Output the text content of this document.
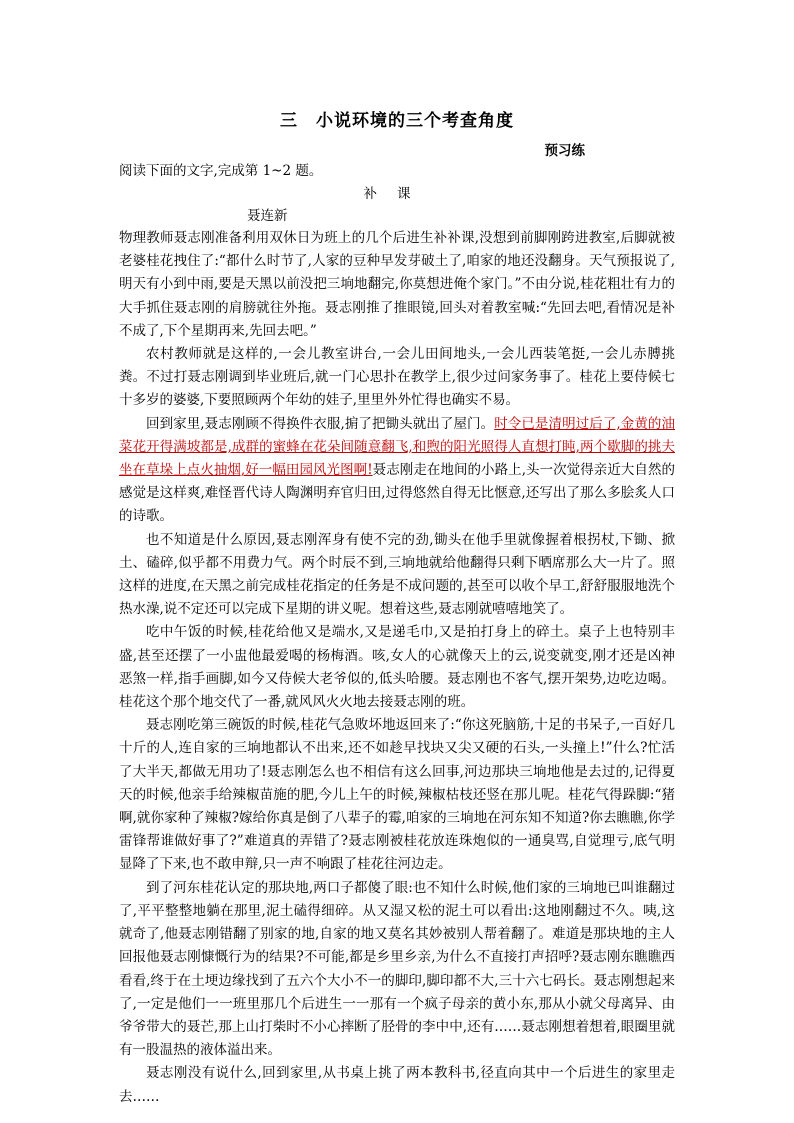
三　小说环境的三个考查角度
预习练
阅读下面的文字,完成第 1~2 题。
补课
聂连新

物理教师聂志刚准备利用双休日为班上的几个后进生补补课,没想到前脚刚跨进教室,后脚就被老婆桂花拽住了:“都什么时节了,人家的豆种早发芽破土了,咱家的地还没翻身。天气预报说了,明天有小到中雨,要是天黑以前没把三垧地翻完,你莫想进俺个家门。”不由分说,桂花粗壮有力的大手抓住聂志刚的肩膀就往外拖。聂志刚推了推眼镜,回头对着教室喊:“先回去吧,看情况是补不成了,下个星期再来,先回去吧。”

农村教师就是这样的,一会儿教室讲台,一会儿田间地头,一会儿西装笔挺,一会儿赤膊挑粪。不过打聂志刚调到毕业班后,就一门心思扑在教学上,很少过问家务事了。桂花上要侍候七十多岁的婆婆,下要照顾两个年幼的娃子,里里外外忙得也确实不易。

回到家里,聂志刚顾不得换件衣服,掮了把锄头就出了屋门。时令已是清明过后了,金黄的油菜花开得满坡都是,成群的蜜蜂在花朵间随意翻飞,和煦的阳光照得人直想打盹,两个歇脚的挑夫坐在草垛上点火抽烟,好一幅田园风光图啊!聂志刚走在地间的小路上,头一次觉得亲近大自然的感觉是这样爽,难怪晋代诗人陶渊明弃官归田,过得悠然自得无比惬意,还写出了那么多脍炙人口的诗歌。

也不知道是什么原因,聂志刚浑身有使不完的劲,锄头在他手里就像握着根拐杖,下锄、掀土、磕碎,似乎都不用费力气。两个时辰不到,三垧地就给他翻得只剩下晒席那么大一片了。照这样的进度,在天黑之前完成桂花指定的任务是不成问题的,甚至可以收个早工,舒舒服服地洗个热水澡,说不定还可以完成下星期的讲义呢。想着这些,聂志刚就嘻嘻地笑了。

吃中午饭的时候,桂花给他又是端水,又是递毛巾,又是拍打身上的碎土。桌子上也特别丰盛,甚至还摆了一小盅他最爱喝的杨梅酒。咳,女人的心就像天上的云,说变就变,刚才还是凶神恶煞一样,指手画脚,如今又侍候大老爷似的,低头哈腰。聂志刚也不客气,摆开架势,边吃边喝。桂花这个那个地交代了一番,就风风火火地去接聂志刚的班。

聂志刚吃第三碗饭的时候,桂花气急败坏地返回来了:“你这死脑筋,十足的书呆子,一百好几十斤的人,连自家的三垧地都认不出来,还不如趁早找块又尖又硬的石头,一头撞上!”什么?忙活了大半天,都做无用功了!聂志刚怎么也不相信有这么回事,河边那块三垧地他是去过的,记得夏天的时候,他亲手给辣椒苗施的肥,今儿上午的时候,辣椒枯枝还竖在那儿呢。桂花气得跺脚:“猪啊,就你家种了辣椒?嫁给你真是倒了八辈子的霉,咱家的三垧地在河东知不知道?你去瞧瞧,你学雷锋帮谁做好事了?”难道真的弄错了?聂志刚被桂花放连珠炮似的一通臭骂,自觉理亏,底气明显降了下来,也不敢申辩,只一声不响跟了桂花往河边走。

到了河东桂花认定的那块地,两口子都傻了眼:也不知什么时候,他们家的三垧地已叫谁翻过了,平平整整地躺在那里,泥土磕得细碎。从又湿又松的泥土可以看出:这地刚翻过不久。咦,这就奇了,他聂志刚错翻了别家的地,自家的地又莫名其妙被别人帮着翻了。难道是那块地的主人回报他聂志刚慷慨行为的结果?不可能,都是乡里乡亲,为什么不直接打声招呼?聂志刚东瞧瞧西看看,终于在土埂边缘找到了五六个大小不一的脚印,脚印都不大,三十六七码长。聂志刚想起来了,一定是他们一一班里那几个后进生一一那有一个疯子母亲的黄小东,那从小就父母离异、由爷爷带大的聂芒,那上山打柴时不小心摔断了胫骨的李中中,还有……聂志刚想着想着,眼圈里就有一股温热的液体溢出来。

聂志刚没有说什么,回到家里,从书桌上挑了两本教科书,径直向其中一个后进生的家里走去……
